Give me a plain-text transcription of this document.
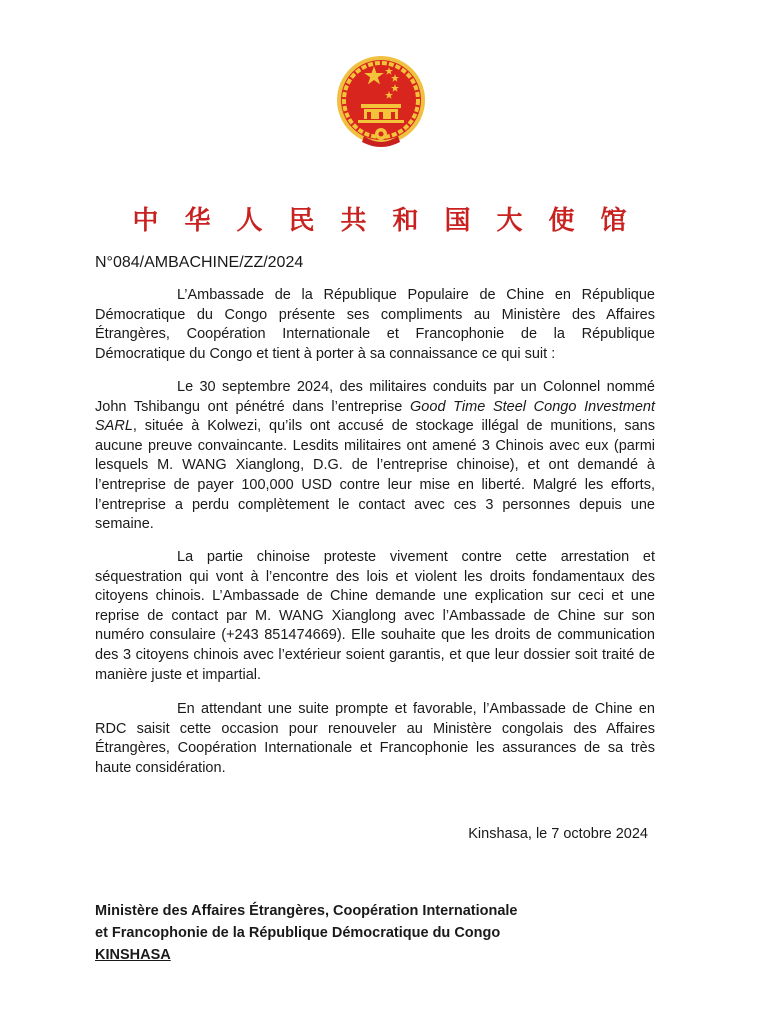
中华人民共和国大使馆
N°084/AMBACHINE/ZZ/2024

L’Ambassade de la République Populaire de Chine en République Démocratique du Congo présente ses compliments au Ministère des Affaires Étrangères, Coopération Internationale et Francophonie de la République Démocratique du Congo et tient à porter à sa connaissance ce qui suit :

Le 30 septembre 2024, des militaires conduits par un Colonnel nommé John Tshibangu ont pénétré dans l’entreprise Good Time Steel Congo Investment SARL, située à Kolwezi, qu’ils ont accusé de stockage illégal de munitions, sans aucune preuve convaincante. Lesdits militaires ont amené 3 Chinois avec eux (parmi lesquels M. WANG Xianglong, D.G. de l’entreprise chinoise), et ont demandé à l’entreprise de payer 100,000 USD contre leur mise en liberté. Malgré les efforts, l’entreprise a perdu complètement le contact avec ces 3 personnes depuis une semaine.

La partie chinoise proteste vivement contre cette arrestation et séquestration qui vont à l’encontre des lois et violent les droits fondamentaux des citoyens chinois. L’Ambassade de Chine demande une explication sur ceci et une reprise de contact par M. WANG Xianglong avec l’Ambassade de Chine sur son numéro consulaire (+243 851474669). Elle souhaite que les droits de communication des 3 citoyens chinois avec l’extérieur soient garantis, et que leur dossier soit traité de manière juste et impartial.

En attendant une suite prompte et favorable, l’Ambassade de Chine en RDC saisit cette occasion pour renouveler au Ministère congolais des Affaires Étrangères, Coopération Internationale et Francophonie les assurances de sa très haute considération.

Kinshasa, le 7 octobre 2024
Ministère des Affaires Étrangères, Coopération Internationale
et Francophonie de la République Démocratique du Congo
KINSHASA
